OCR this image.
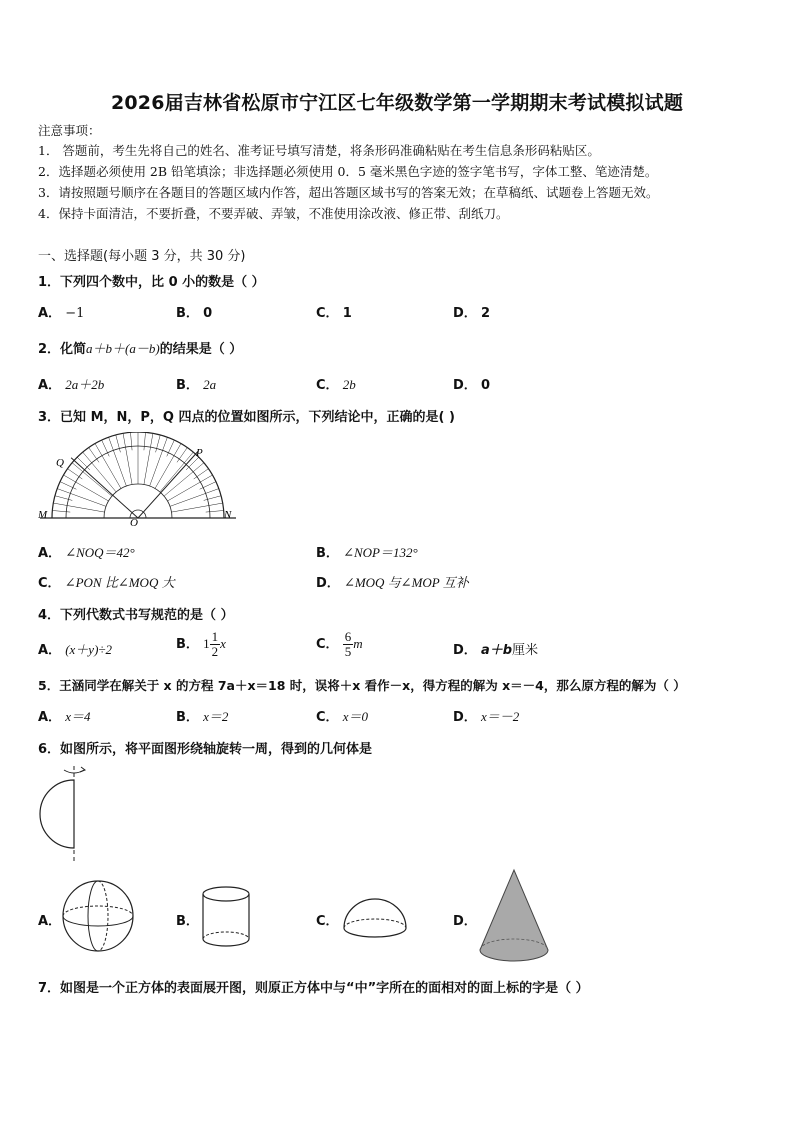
2026届吉林省松原市宁江区七年级数学第一学期期末考试模拟试题
注意事项：
1． 答题前，考生先将自己的姓名、准考证号填写清楚，将条形码准确粘贴在考生信息条形码粘贴区。
2．选择题必须使用 2B 铅笔填涂；非选择题必须使用 0．5 毫米黑色字迹的签字笔书写，字体工整、笔迹清楚。
3．请按照题号顺序在各题目的答题区域内作答，超出答题区域书写的答案无效；在草稿纸、试题卷上答题无效。
4．保持卡面清洁，不要折叠，不要弄破、弄皱，不准使用涂改液、修正带、刮纸刀。
一、选择题(每小题 3 分，共 30 分)
1．下列四个数中，比 0 小的数是（ ）
A． −1	B． 0	C． 1	D． 2
2．化简a＋b＋(a－b)的结果是（ ）
A． 2a＋2b	B． 2a	C． 2b	D． 0
3．已知 M，N，P，Q 四点的位置如图所示，下列结论中，正确的是( )
Q
P
M	N
O
A． ∠NOQ＝42°	B． ∠NOP＝132°
C． ∠PON 比∠MOQ 大	D． ∠MOQ 与∠MOP 互补
4．下列代数式书写规范的是（ ）
A． (x＋y)÷2	B． $1 \frac{1}{2}$ x	C． $\frac{6}{5}$ m	D． a＋b厘米
5．王涵同学在解关于 x 的方程 7a＋x＝18 时，误将＋x 看作－x，得方程的解为 x＝－4，那么原方程的解为（ ）
A． x＝4	B． x＝2	C． x＝0	D． x＝－2
6．如图所示，将平面图形绕轴旋转一周，得到的几何体是
A．	B．	C．	D．
7．如图是一个正方体的表面展开图，则原正方体中与“中”字所在的面相对的面上标的字是（ ）
